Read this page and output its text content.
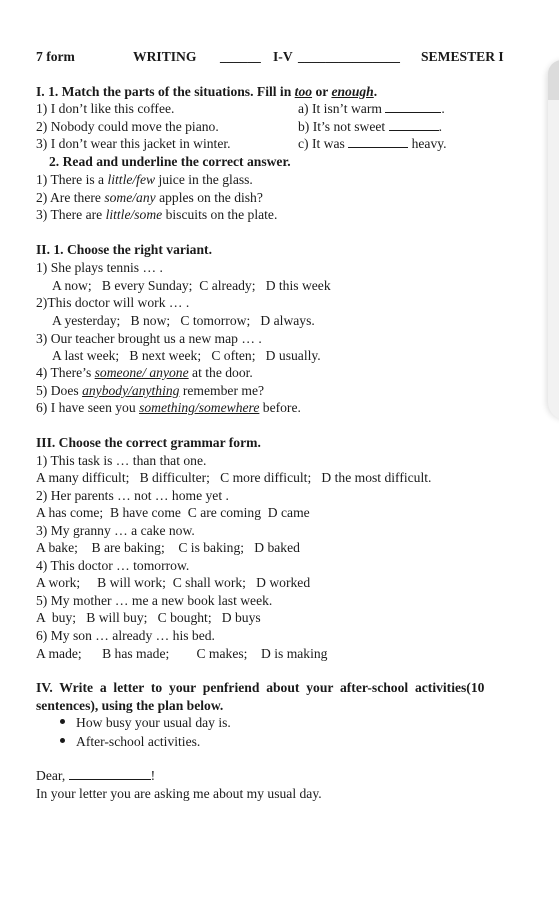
7 form	WRITING ______ I-V _______________ SEMESTER I
I. 1. Match the parts of the situations. Fill in too or enough.
1) I don’t like this coffee.	a) It isn’t warm	.
2) Nobody could move the piano.	b) It’s not sweet	.
3) I don’t wear this jacket in winter.	c) It was	heavy.
2. Read and underline the correct answer.
1) There is a little/few juice in the glass.
2) Are there some/any apples on the dish?
3) There are little/some biscuits on the plate.
II. 1. Choose the right variant.
1) She plays tennis … .
A now;   B every Sunday;  C already;   D this week
2)This doctor will work … .
A yesterday;   B now;   C tomorrow;   D always.
3) Our teacher brought us a new map … .
A last week;   B next week;   C often;   D usually.
4) There’s someone/ anyone at the door.
5) Does anybody/anything remember me?
6) I have seen you something/somewhere before.
III. Choose the correct grammar form.
1) This task is … than that one.
A many difficult;   B difficulter;   C more difficult;   D the most difficult.
2) Her parents … not … home yet .
A has come;  B have come  C are coming  D came
3) My granny … a cake now.
A bake;    B are baking;    C is baking;   D baked
4) This doctor … tomorrow.
A work;     B will work;  C shall work;   D worked
5) My mother … me a new book last week.
A  buy;   B will buy;   C bought;   D buys
6) My son … already … his bed.
A made;      B has made;        C makes;    D is making
IV.  Write  a  letter  to  your  penfriend  about  your  after-school  activities(10
sentences), using the plan below.
How busy your usual day is.
After-school activities.
Dear,	!
In your letter you are asking me about my usual day.
